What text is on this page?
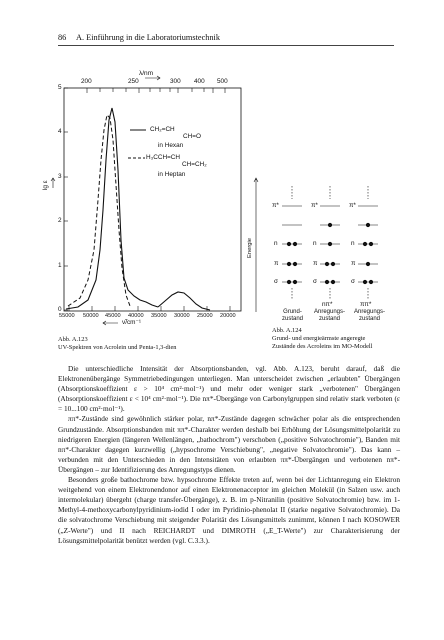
86 A. Einführung in die Laboratoriumstechnik
λ/nm
200	250	300 400 500
lg ε
5
4
3
2
1
0
55000 50000 45000 40000 35000 30000 25000 20000
ν̃/cm⁻¹
CH₂=CH
CH=O
in Hexan
H₃CCH=CH
CH=CH₂
in Heptan
Abb. A.123
UV-Spektren von Acrolein und Penta-1,3-dien
Energie
π*
n
π
σ
π*
n
π
σ
π*
n
π
σ
nπ*	ππ*
Grund-
zustand
Anregungs-
zustand
Anregungs-
zustand
Abb. A.124
Grund- und energieärmste angeregte
Zustände des Acroleins im MO-Modell

Die unterschiedliche Intensität der Absorptionsbanden, vgl. Abb. A.123, beruht darauf, daß die Elektronenübergänge Symmetriebedingungen unterliegen. Man unterscheidet zwischen „erlaubten" Übergängen (Absorptionskoeffizient ε > 10⁴ cm²·mol⁻¹) und mehr oder weniger stark „verbotenen" Übergängen (Absorptionskoeffizient ε < 10⁴ cm²·mol⁻¹). Die nπ*-Übergänge von Carbonylgruppen sind relativ stark verboten (ε = 10...100 cm²·mol⁻¹).

ππ*-Zustände sind gewöhnlich stärker polar, nπ*-Zustände dagegen schwächer polar als die entsprechenden Grundzustände. Absorptionsbanden mit ππ*-Charakter werden deshalb bei Erhöhung der Lösungsmittelpolarität zu niedrigeren Energien (längeren Wellenlängen, „bathochrom") verschoben („positive Solvatochromie"), Banden mit nπ*-Charakter dagegen kurzwellig („hypsochrome Verschiebung", „negative Solvatochromie"). Das kann – verbunden mit den Unterschieden in den Intensitäten von erlaubten ππ*-Übergängen und verbotenen nπ*-Übergängen – zur Identifizierung des Anregungstyps dienen.

Besonders große bathochrome bzw. hypsochrome Effekte treten auf, wenn bei der Lichtanregung ein Elektron weitgehend von einem Elektronendonor auf einen Elektronenacceptor im gleichen Molekül (in Salzen usw. auch intermolekular) übergeht (charge transfer-Übergänge), z. B. im p-Nitranilin (positive Solvatochromie) bzw. im 1-Methyl-4-methoxycarbonylpyridinium-iodid I oder im Pyridinio-phenolat II (starke negative Solvatochromie). Da die solvatochrome Verschiebung mit steigender Polarität des Lösungsmittels zunimmt, können I nach KOSOWER („Z-Werte") und II nach REICHARDT und DIMROTH („E_T-Werte") zur Charakterisierung der Lösungsmittelpolarität benützt werden (vgl. C.3.3.).
